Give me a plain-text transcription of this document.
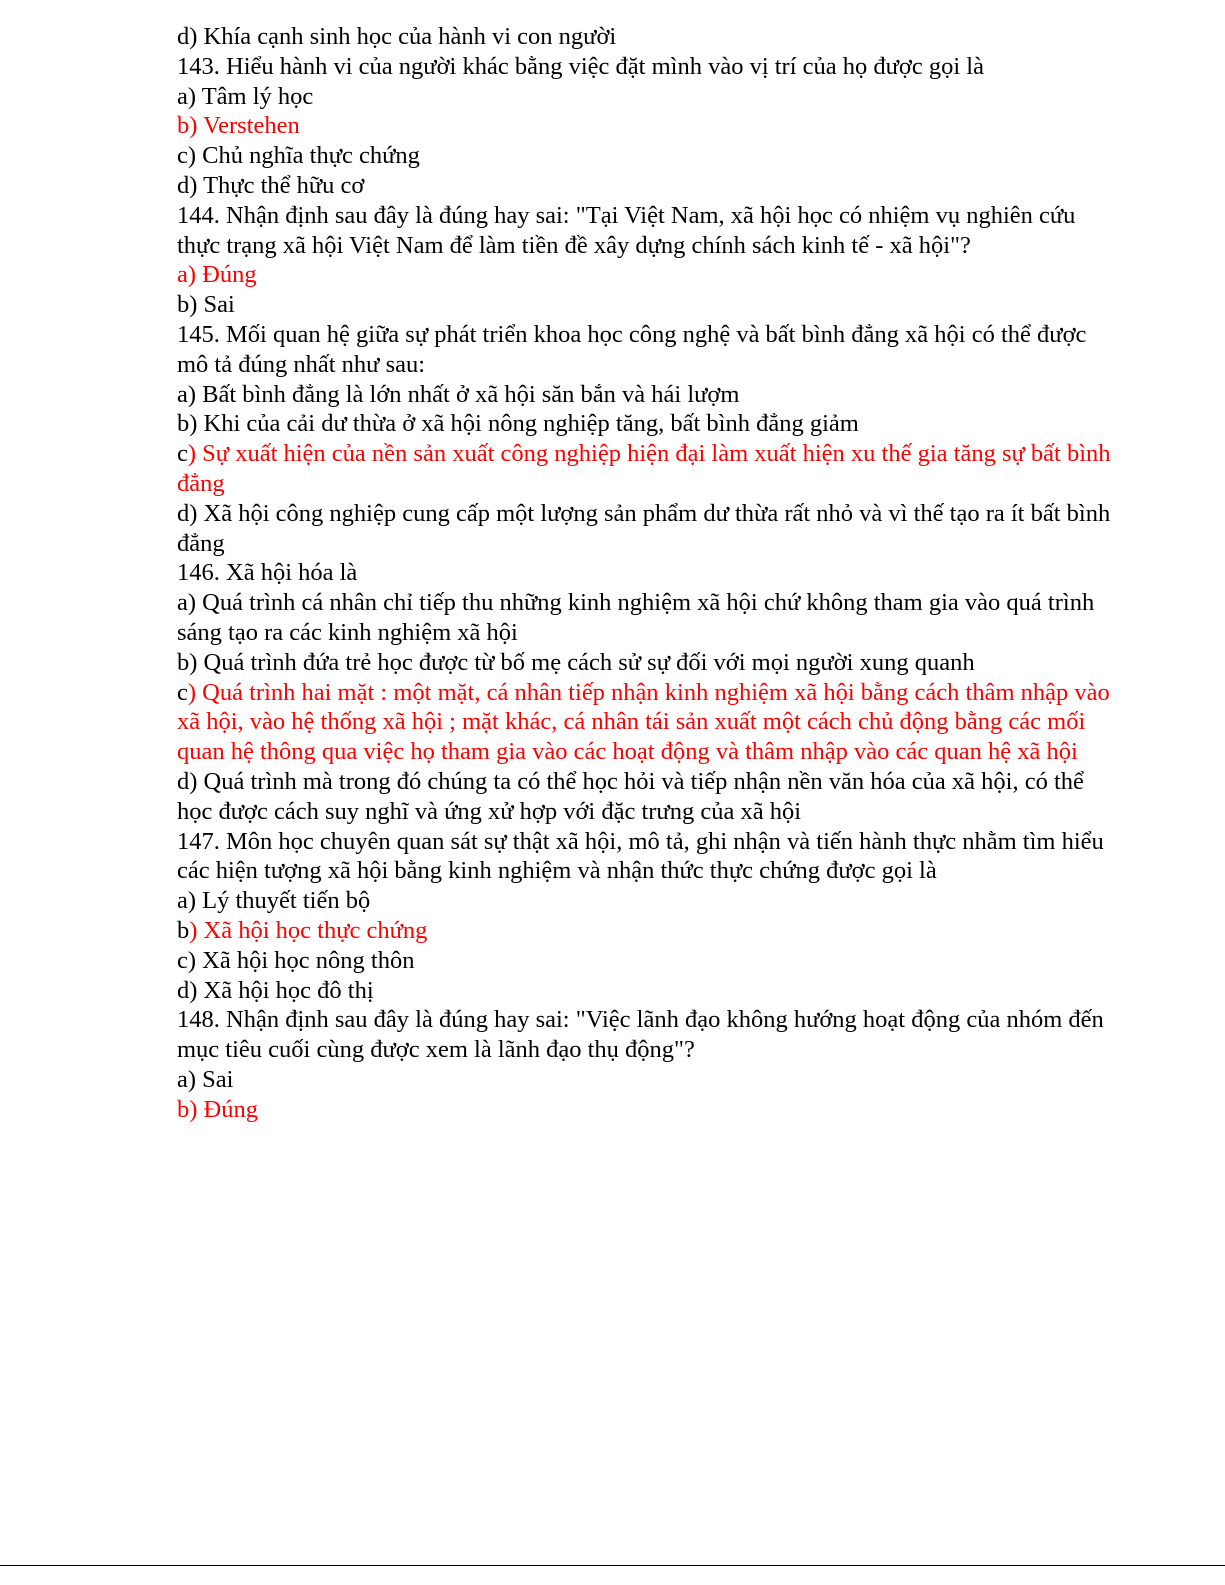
d) Khía cạnh sinh học của hành vi con người

143. Hiểu hành vi của người khác bằng việc đặt mình vào vị trí của họ được gọi là

a) Tâm lý học

b) Verstehen

c) Chủ nghĩa thực chứng

d) Thực thể hữu cơ

144. Nhận định sau đây là đúng hay sai: "Tại Việt Nam, xã hội học có nhiệm vụ nghiên cứu thực trạng xã hội Việt Nam để làm tiền đề xây dựng chính sách kinh tế - xã hội"?

a) Đúng

b) Sai

145. Mối quan hệ giữa sự phát triển khoa học công nghệ và bất bình đẳng xã hội có thể được mô tả đúng nhất như sau:

a) Bất bình đẳng là lớn nhất ở xã hội săn bắn và hái lượm

b) Khi của cải dư thừa ở xã hội nông nghiệp tăng, bất bình đẳng giảm

c) Sự xuất hiện của nền sản xuất công nghiệp hiện đại làm xuất hiện xu thế gia tăng sự bất bình đẳng

d) Xã hội công nghiệp cung cấp một lượng sản phẩm dư thừa rất nhỏ và vì thế tạo ra ít bất bình đẳng

146. Xã hội hóa là

a) Quá trình cá nhân chỉ tiếp thu những kinh nghiệm xã hội chứ không tham gia vào quá trình sáng tạo ra các kinh nghiệm xã hội

b) Quá trình đứa trẻ học được từ bố mẹ cách sử sự đối với mọi người xung quanh

c) Quá trình hai mặt : một mặt, cá nhân tiếp nhận kinh nghiệm xã hội bằng cách thâm nhập vào xã hội, vào hệ thống xã hội ; mặt khác, cá nhân tái sản xuất một cách chủ động bằng các mối quan hệ thông qua việc họ tham gia vào các hoạt động và thâm nhập vào các quan hệ xã hội

d) Quá trình mà trong đó chúng ta có thể học hỏi và tiếp nhận nền văn hóa của xã hội, có thể học được cách suy nghĩ và ứng xử hợp với đặc trưng của xã hội

147. Môn học chuyên quan sát sự thật xã hội, mô tả, ghi nhận và tiến hành thực nhằm tìm hiểu các hiện tượng xã hội bằng kinh nghiệm và nhận thức thực chứng được gọi là

a) Lý thuyết tiến bộ

b) Xã hội học thực chứng

c) Xã hội học nông thôn

d) Xã hội học đô thị

148. Nhận định sau đây là đúng hay sai: "Việc lãnh đạo không hướng hoạt động của nhóm đến mục tiêu cuối cùng được xem là lãnh đạo thụ động"?

a) Sai

b) Đúng
